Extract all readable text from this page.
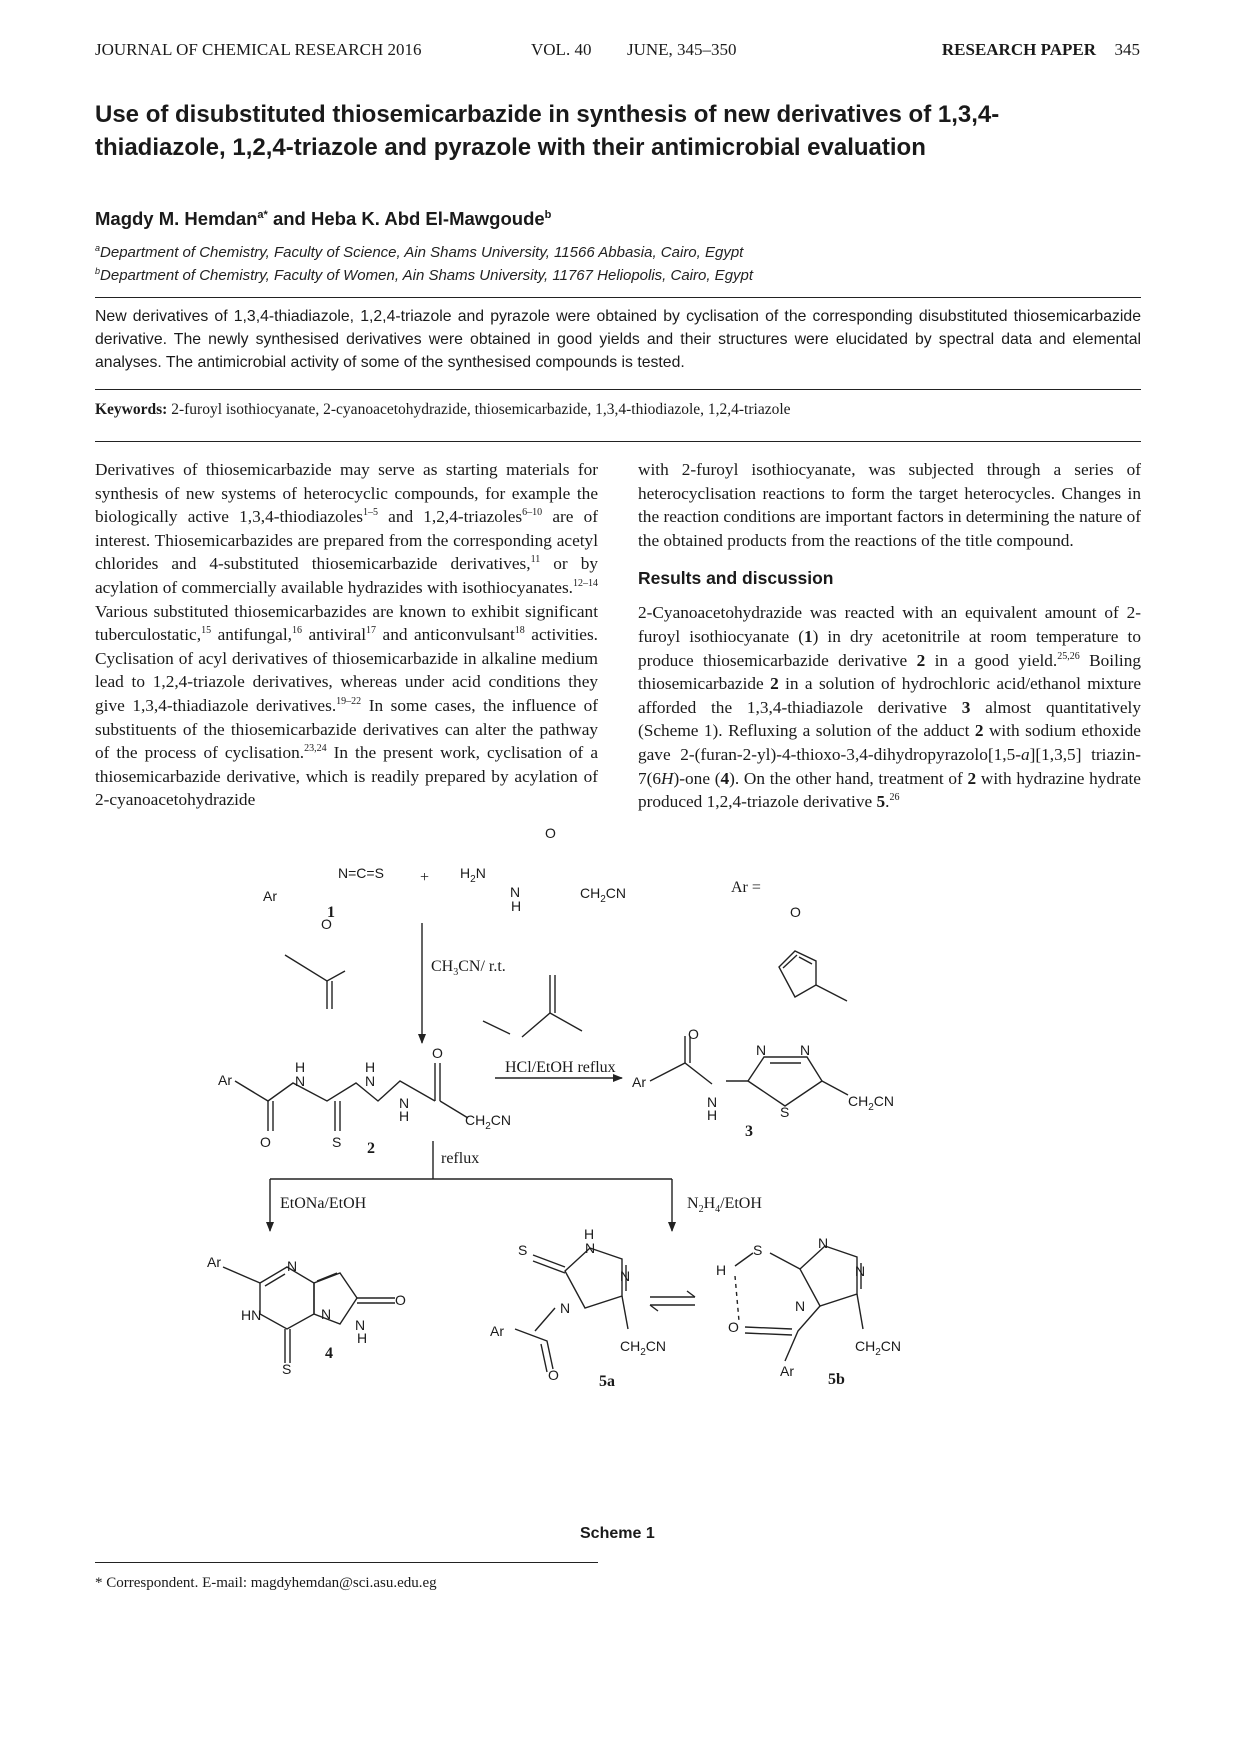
JOURNAL OF CHEMICAL RESEARCH 2016	VOL. 40 JUNE, 345–350	RESEARCH PAPER 345
Use of disubstituted thiosemicarbazide in synthesis of new derivatives of 1,3,4-thiadiazole, 1,2,4-triazole and pyrazole with their antimicrobial evaluation

Magdy M. Hemdan$^{a*}$ and Heba K. Abd El-Mawgoude$^b$

$^a$Department of Chemistry, Faculty of Science, Ain Shams University, 11566 Abbasia, Cairo, Egypt

$^b$Department of Chemistry, Faculty of Women, Ain Shams University, 11767 Heliopolis, Cairo, Egypt

New derivatives of 1,3,4-thiadiazole, 1,2,4-triazole and pyrazole were obtained by cyclisation of the corresponding disubstituted thiosemicarbazide derivative. The newly synthesised derivatives were obtained in good yields and their structures were elucidated by spectral data and elemental analyses. The antimicrobial activity of some of the synthesised compounds is tested.

Keywords: 2-furoyl isothiocyanate, 2-cyanoacetohydrazide, thiosemicarbazide, 1,3,4-thiodiazole, 1,2,4-triazole

Derivatives of thiosemicarbazide may serve as starting materials for synthesis of new systems of heterocyclic compounds, for example the biologically active 1,3,4-thiodiazoles$^{1-5}$ and 1,2,4-triazoles$^{6-10}$ are of interest. Thiosemicarbazides are prepared from the corresponding acetyl chlorides and 4-substituted thiosemicarbazide derivatives,$^{11}$ or by acylation of commercially available hydrazides with isothiocyanates.$^{12-14}$ Various substituted thiosemicarbazides are known to exhibit significant tuberculostatic,$^{15}$ antifungal,$^{16}$ antiviral$^{17}$ and anticonvulsant$^{18}$ activities. Cyclisation of acyl derivatives of thiosemicarbazide in alkaline medium lead to 1,2,4-triazole derivatives, whereas under acid conditions they give 1,3,4-thiadiazole derivatives.$^{19-22}$ In some cases, the influence of substituents of the thiosemicarbazide derivatives can alter the pathway of the process of cyclisation.$^{23,24}$ In the present work, cyclisation of a thiosemicarbazide derivative, which is readily prepared by acylation of 2-cyanoacetohydrazide

with 2-furoyl isothiocyanate, was subjected through a series of heterocyclisation reactions to form the target heterocycles. Changes in the reaction conditions are important factors in determining the nature of the obtained products from the reactions of the title compound.

Results and discussion

2-Cyanoacetohydrazide was reacted with an equivalent amount of 2-furoyl isothiocyanate (1) in dry acetonitrile at room temperature to produce thiosemicarbazide derivative 2 in a good yield.$^{25,26}$ Boiling thiosemicarbazide 2 in a solution of hydrochloric acid/ethanol mixture afforded the 1,3,4-thiadiazole derivative 3 almost quantitatively (Scheme 1). Refluxing a solution of the adduct 2 with sodium ethoxide gave 2-(furan-2-yl)-4-thioxo-3,4-dihydropyrazolo[1,5-a][1,3,5] triazin-7(6H)-one (4). On the other hand, treatment of 2 with hydrazine hydrate produced 1,2,4-triazole derivative 5.26

Ar
N=C=S
O
1
+ $H_2N$
N
H
O
$CH_2CN$	Ar =
O
$CH_3CN/$ r.t.
Ar
H
N
H
N
N
H
O
$CH_2CN$
O	S 2
HCl/EtOH reflux
Ar
O
N
H
N N
S
$CH_2CN$
3
reflux
EtONa/EtOH	$N_2H_4$/EtOH
Ar	N
HN	N
N
H
O
S
4
S
H
N
N
N
Ar
O
$CH_2CN$
5a
S
H
N
N
N
O
Ar
$CH_2CN$
5b

Scheme 1

* Correspondent. E-mail: magdyhemdan@sci.asu.edu.eg
